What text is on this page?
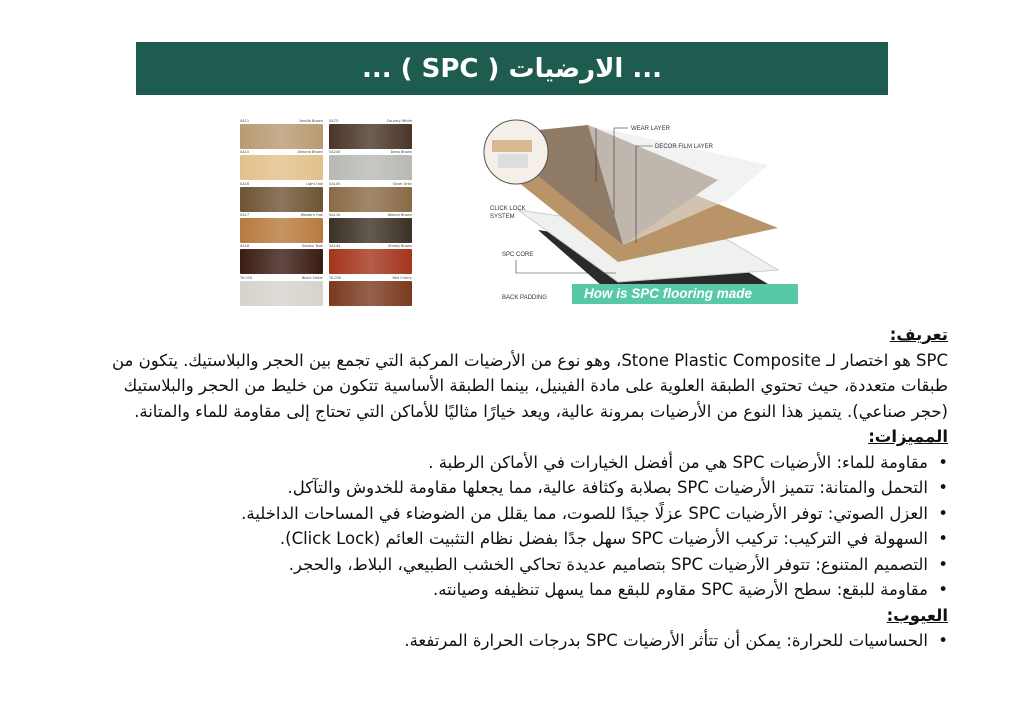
... الارضيات ( SPC ) ...
SA11	Vanilla Brown SA73	Country White
SA15	Almond Brown SA240	Deep Brown
SA16	Light Oak SA105	Silver Grey
SA17	Western Oak SA110	Walnut Brown
SA18	Golden Teak SA144	Smoky Brown
TA 034	Black Cedar TA 030	Red Cherry
WEAR LAYER
DECOR FILM LAYER
CLICK LOCK
SYSTEM
SPC CORE
BACK PADDING	How is SPC flooring made
تعريف:
SPC هو اختصار لـ Stone Plastic Composite، وهو نوع من الأرضيات المركبة التي تجمع بين الحجر والبلاستيك. يتكون من
طبقات متعددة، حيث تحتوي الطبقة العلوية على مادة الفينيل، بينما الطبقة الأساسية تتكون من خليط من الحجر والبلاستيك
(حجر صناعي). يتميز هذا النوع من الأرضيات بمرونة عالية، ويعد خيارًا مثاليًا للأماكن التي تحتاج إلى مقاومة للماء والمتانة.
المميزات:
• مقاومة للماء: الأرضيات SPC هي من أفضل الخيارات في الأماكن الرطبة .
• التحمل والمتانة: تتميز الأرضيات SPC بصلابة وكثافة عالية، مما يجعلها مقاومة للخدوش والتآكل.
• العزل الصوتي: توفر الأرضيات SPC عزلًا جيدًا للصوت، مما يقلل من الضوضاء في المساحات الداخلية.
• السهولة في التركيب: تركيب الأرضيات SPC سهل جدًا بفضل نظام التثبيت العائم (Click Lock).
• التصميم المتنوع: تتوفر الأرضيات SPC بتصاميم عديدة تحاكي الخشب الطبيعي، البلاط، والحجر.
• مقاومة للبقع: سطح الأرضية SPC مقاوم للبقع مما يسهل تنظيفه وصيانته.
العيوب:
• الحساسيات للحرارة: يمكن أن تتأثر الأرضيات SPC بدرجات الحرارة المرتفعة.
